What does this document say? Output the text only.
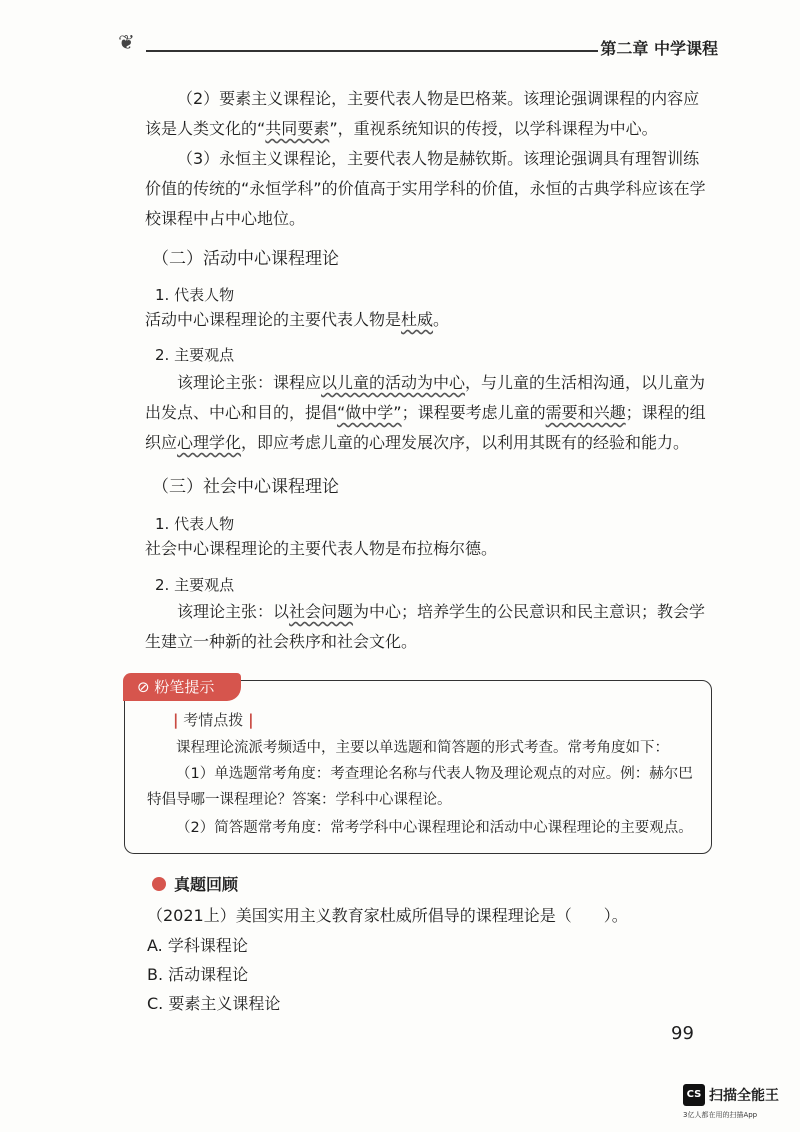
❦	第二章 中学课程
（2）要素主义课程论，主要代表人物是巴格莱。该理论强调课程的内容应该是人类文化的“共同要素”，重视系统知识的传授，以学科课程为中心。
（3）永恒主义课程论，主要代表人物是赫钦斯。该理论强调具有理智训练价值的传统的“永恒学科”的价值高于实用学科的价值，永恒的古典学科应该在学校课程中占中心地位。
（二）活动中心课程理论
1. 代表人物
活动中心课程理论的主要代表人物是杜威。
2. 主要观点
该理论主张：课程应以儿童的活动为中心，与儿童的生活相沟通，以儿童为出发点、中心和目的，提倡“做中学”；课程要考虑儿童的需要和兴趣；课程的组织应心理学化，即应考虑儿童的心理发展次序，以利用其既有的经验和能力。
（三）社会中心课程理论
1. 代表人物
社会中心课程理论的主要代表人物是布拉梅尔德。
2. 主要观点
该理论主张：以社会问题为中心；培养学生的公民意识和民主意识；教会学生建立一种新的社会秩序和社会文化。
⊘ 粉笔提示
| 考情点拨 |
课程理论流派考频适中，主要以单选题和简答题的形式考查。常考角度如下：
（1）单选题常考角度：考查理论名称与代表人物及理论观点的对应。例：赫尔巴特倡导哪一课程理论？答案：学科中心课程论。
（2）简答题常考角度：常考学科中心课程理论和活动中心课程理论的主要观点。
真题回顾
（2021上）美国实用主义教育家杜威所倡导的课程理论是（　　）。
A. 学科课程论
B. 活动课程论
C. 要素主义课程论
99
CS 扫描全能王
3亿人都在用的扫描App
